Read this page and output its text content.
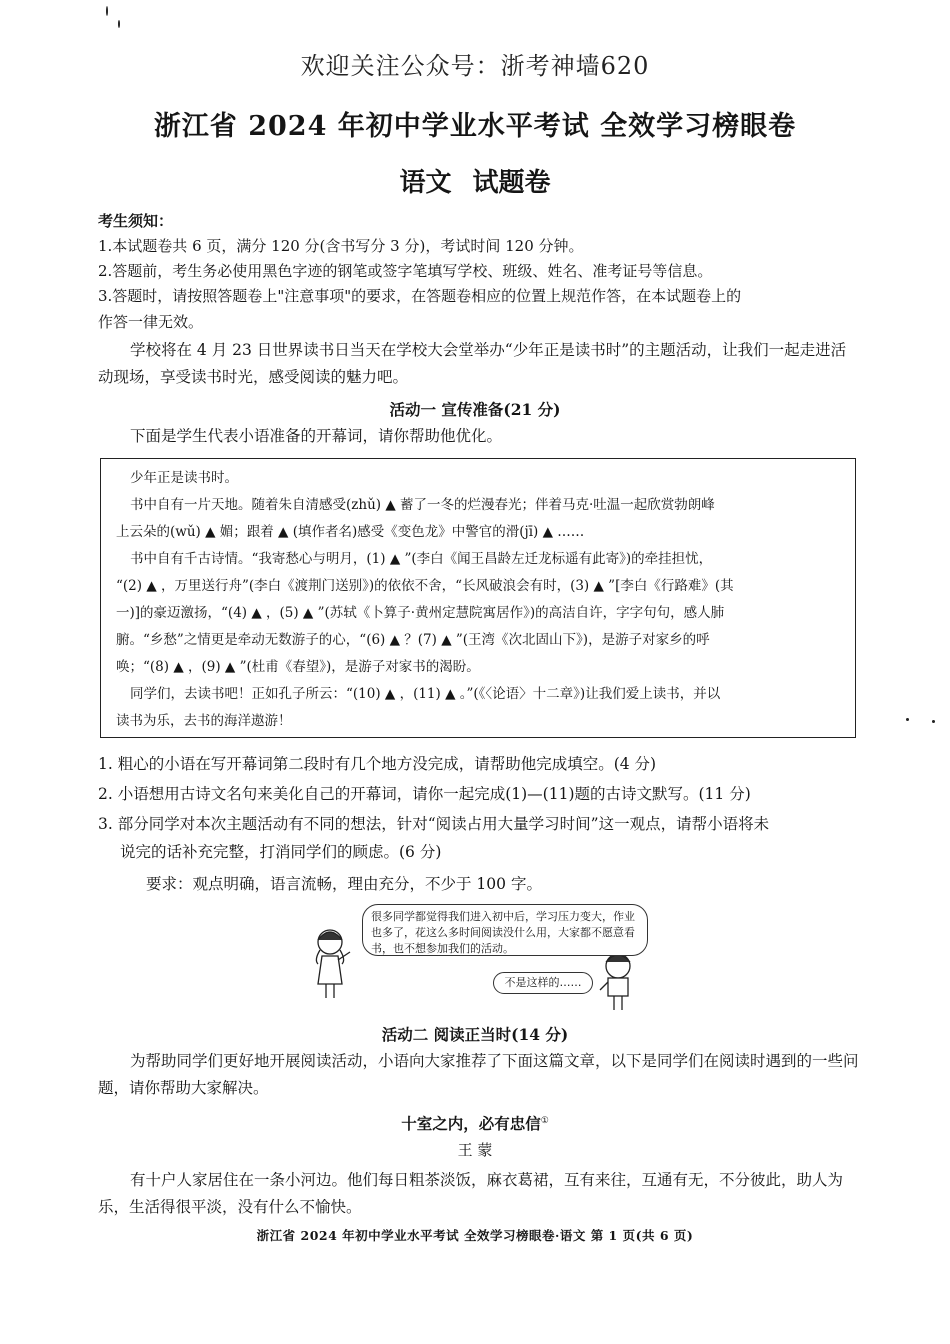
欢迎关注公众号：浙考神墙620
浙江省 2024 年初中学业水平考试 全效学习榜眼卷
语文 试题卷
考生须知：
1.本试题卷共 6 页，满分 120 分(含书写分 3 分)，考试时间 120 分钟。
2.答题前，考生务必使用黑色字迹的钢笔或签字笔填写学校、班级、姓名、准考证号等信息。
3.答题时，请按照答题卷上"注意事项"的要求，在答题卷相应的位置上规范作答，在本试题卷上的
作答一律无效。
学校将在 4 月 23 日世界读书日当天在学校大会堂举办“少年正是读书时”的主题活动，让我们一起走进活动现场，享受读书时光，感受阅读的魅力吧。
活动一 宣传准备(21 分)
下面是学生代表小语准备的开幕词，请你帮助他优化。
少年正是读书时。
书中自有一片天地。随着朱自清感受(zhǔ) ▲ 蓄了一冬的烂漫春光；伴着马克·吐温一起欣赏勃朗峰
上云朵的(wǔ) ▲ 媚；跟着 ▲ (填作者名)感受《变色龙》中警官的滑(jī) ▲ ……
书中自有千古诗情。“我寄愁心与明月，(1) ▲ ”(李白《闻王昌龄左迁龙标遥有此寄》)的牵挂担忧，
“(2) ▲ ，万里送行舟”(李白《渡荆门送别》)的依依不舍，“长风破浪会有时，(3) ▲ ”[李白《行路难》(其
一)]的豪迈激扬，“(4) ▲ ，(5) ▲ ”(苏轼《卜算子·黄州定慧院寓居作》)的高洁自许，字字句句，感人肺
腑。“乡愁”之情更是牵动无数游子的心，“(6) ▲ ？(7) ▲ ”(王湾《次北固山下》)，是游子对家乡的呼
唤；“(8) ▲ ，(9) ▲ ”(杜甫《春望》)，是游子对家书的渴盼。
同学们，去读书吧！正如孔子所云：“(10) ▲ ，(11) ▲ 。”(《〈论语〉十二章》)让我们爱上读书，并以
读书为乐，去书的海洋遨游！
1. 粗心的小语在写开幕词第二段时有几个地方没完成，请帮助他完成填空。(4 分)
2. 小语想用古诗文名句来美化自己的开幕词，请你一起完成(1)—(11)题的古诗文默写。(11 分)
3. 部分同学对本次主题活动有不同的想法，针对“阅读占用大量学习时间”这一观点，请帮小语将未
说完的话补充完整，打消同学们的顾虑。(6 分)
要求：观点明确，语言流畅，理由充分，不少于 100 字。
很多同学都觉得我们进入初中后，学习压力变大，作业也多了，花这么多时间阅读没什么用，大家都不愿意看书，也不想参加我们的活动。
不是这样的……
活动二 阅读正当时(14 分)
为帮助同学们更好地开展阅读活动，小语向大家推荐了下面这篇文章，以下是同学们在阅读时遇到的一些问题，请你帮助大家解决。
十室之内，必有忠信①
王 蒙
有十户人家居住在一条小河边。他们每日粗茶淡饭，麻衣葛裙，互有来往，互通有无，不分彼此，助人为乐，生活得很平淡，没有什么不愉快。
浙江省 2024 年初中学业水平考试 全效学习榜眼卷·语文 第 1 页(共 6 页)
